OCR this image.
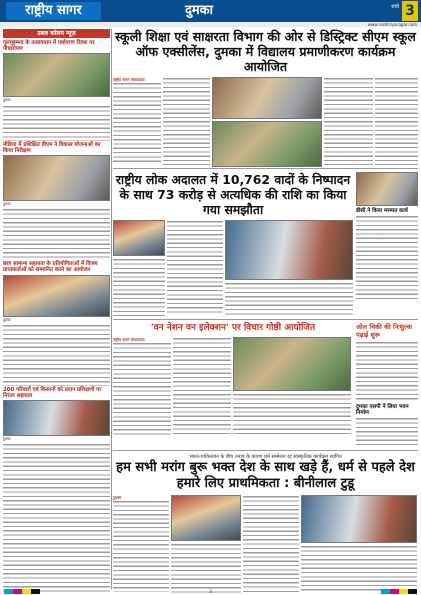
राष्ट्रीय सागर	दुमका	रांची 3
www.rashtriyasagar.com
उबल कॉलम न्यूज़
गुलमुहम्मद के तत्वावधान में पर्यावरण दिवस पर पौधारोपण
दुमका
मीडिया में प्रशिक्षित डीएम ने विकास योजनाओं का किया निरीक्षण
दुमका
छात्र सामान्य सहायता के प्रतियोगिताओं में विजय प्राप्तकर्ताओं को सम्मानित करने का आयोजन
दुमका
200 परिवारों एवं किसानों को प्रदान प्रशिक्षणों पर निरंतर सहायता
दुमका
स्कूली शिक्षा एवं साक्षरता विभाग की ओर से डिस्ट्रिक्ट सीएम स्कूल ऑफ एक्सीलेंस, दुमका में विद्यालय प्रमाणीकरण कार्यक्रम आयोजित
राष्ट्रीय सागर संवाददाता
राष्ट्रीय लोक अदालत में 10,762 वादों के निष्पादन के साथ 73 करोड़ से अत्यधिक की राशि का किया गया समझौता	डीसी ने किया मरम्मत कार्य
'वन नेशन वन इलेक्शन' पर विचार गोष्ठी आयोजित
राष्ट्रीय सागर संवाददाता
ओल चिकी की निःशुल्क पढ़ाई शुरू
दुमका एसपी ने लिया भवन निर्माण
भारत-पाकिस्तान के बीच तनाव के कारण धर्म सम्मेलन रद्द सांस्कृतिक कार्यक्रम स्थगित
हम सभी मरांग बुरू भक्त देश के साथ खड़े हैं, धर्म से पहले देश हमारे लिए प्राथमिकता : बीनीलाल टुडू
दुमका
3
